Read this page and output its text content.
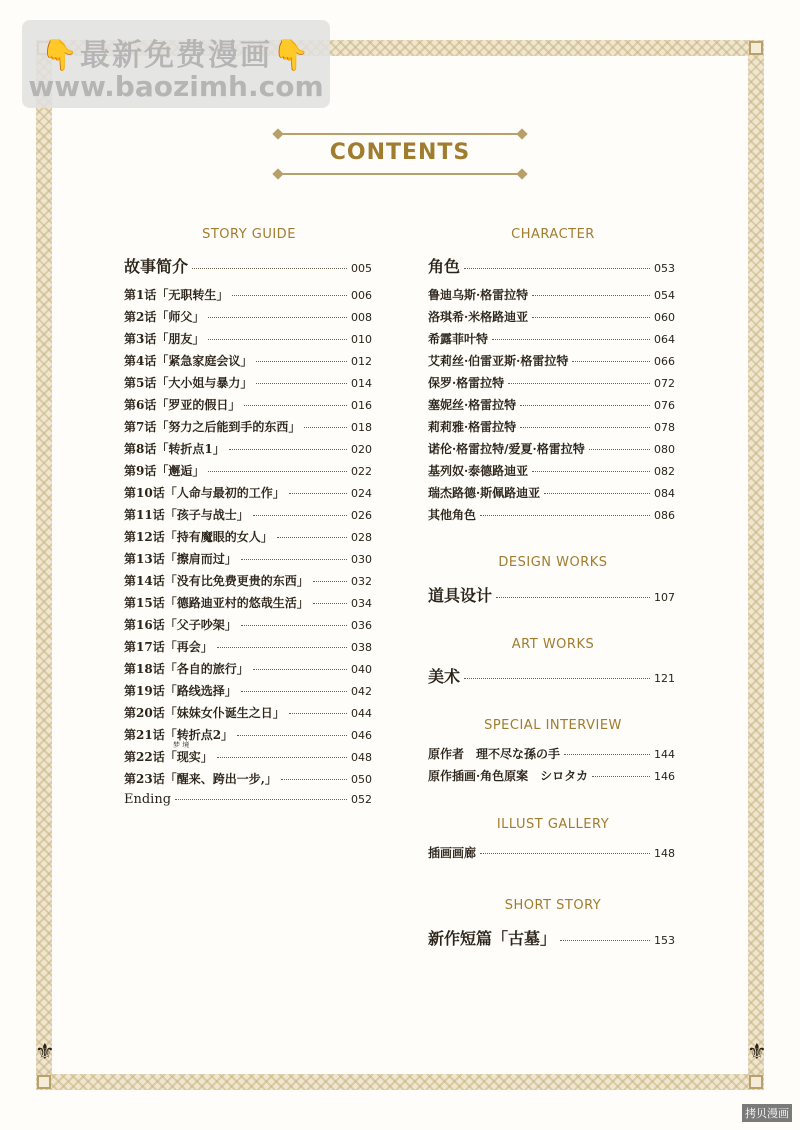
⚜	⚜
👇最新免费漫画👇
www.baozimh.com
CONTENTS
STORY GUIDE
故事简介	005
第1话「无职转生」	006
第2话「师父」	008
第3话「朋友」	010
第4话「紧急家庭会议」	012
第5话「大小姐与暴力」	014
第6话「罗亚的假日」	016
第7话「努力之后能到手的东西」	018
第8话「转折点1」	020
第9话「邂逅」	022
第10话「人命与最初的工作」	024
第11话「孩子与战士」	026
第12话「持有魔眼的女人」	028
第13话「擦肩而过」	030
第14话「没有比免费更贵的东西」	032
第15话「德路迪亚村的悠哉生活」	034
第16话「父子吵架」	036
第17话「再会」	038
第18话「各自的旅行」	040
第19话「路线选择」	042
第20话「妹妹女仆诞生之日」	044
第21话「转折点2」	046
第22话「现实」	048
梦 境
第23话「醒来、跨出一步,」	050
Ending	052
CHARACTER
角色	053
鲁迪乌斯·格雷拉特	054
洛琪希·米格路迪亚	060
希露菲叶特	064
艾莉丝·伯雷亚斯·格雷拉特	066
保罗·格雷拉特	072
塞妮丝·格雷拉特	076
莉莉雅·格雷拉特	078
诺伦·格雷拉特/爱夏·格雷拉特	080
基列奴·泰德路迪亚	082
瑞杰路德·斯佩路迪亚	084
其他角色	086
DESIGN WORKS
道具设计	107
ART WORKS
美术	121
SPECIAL INTERVIEW
原作者　理不尽な孫の手	144
原作插画·角色原案　シロタカ	146
ILLUST GALLERY
插画画廊	148
SHORT STORY
新作短篇「古墓」	153
拷贝漫画
